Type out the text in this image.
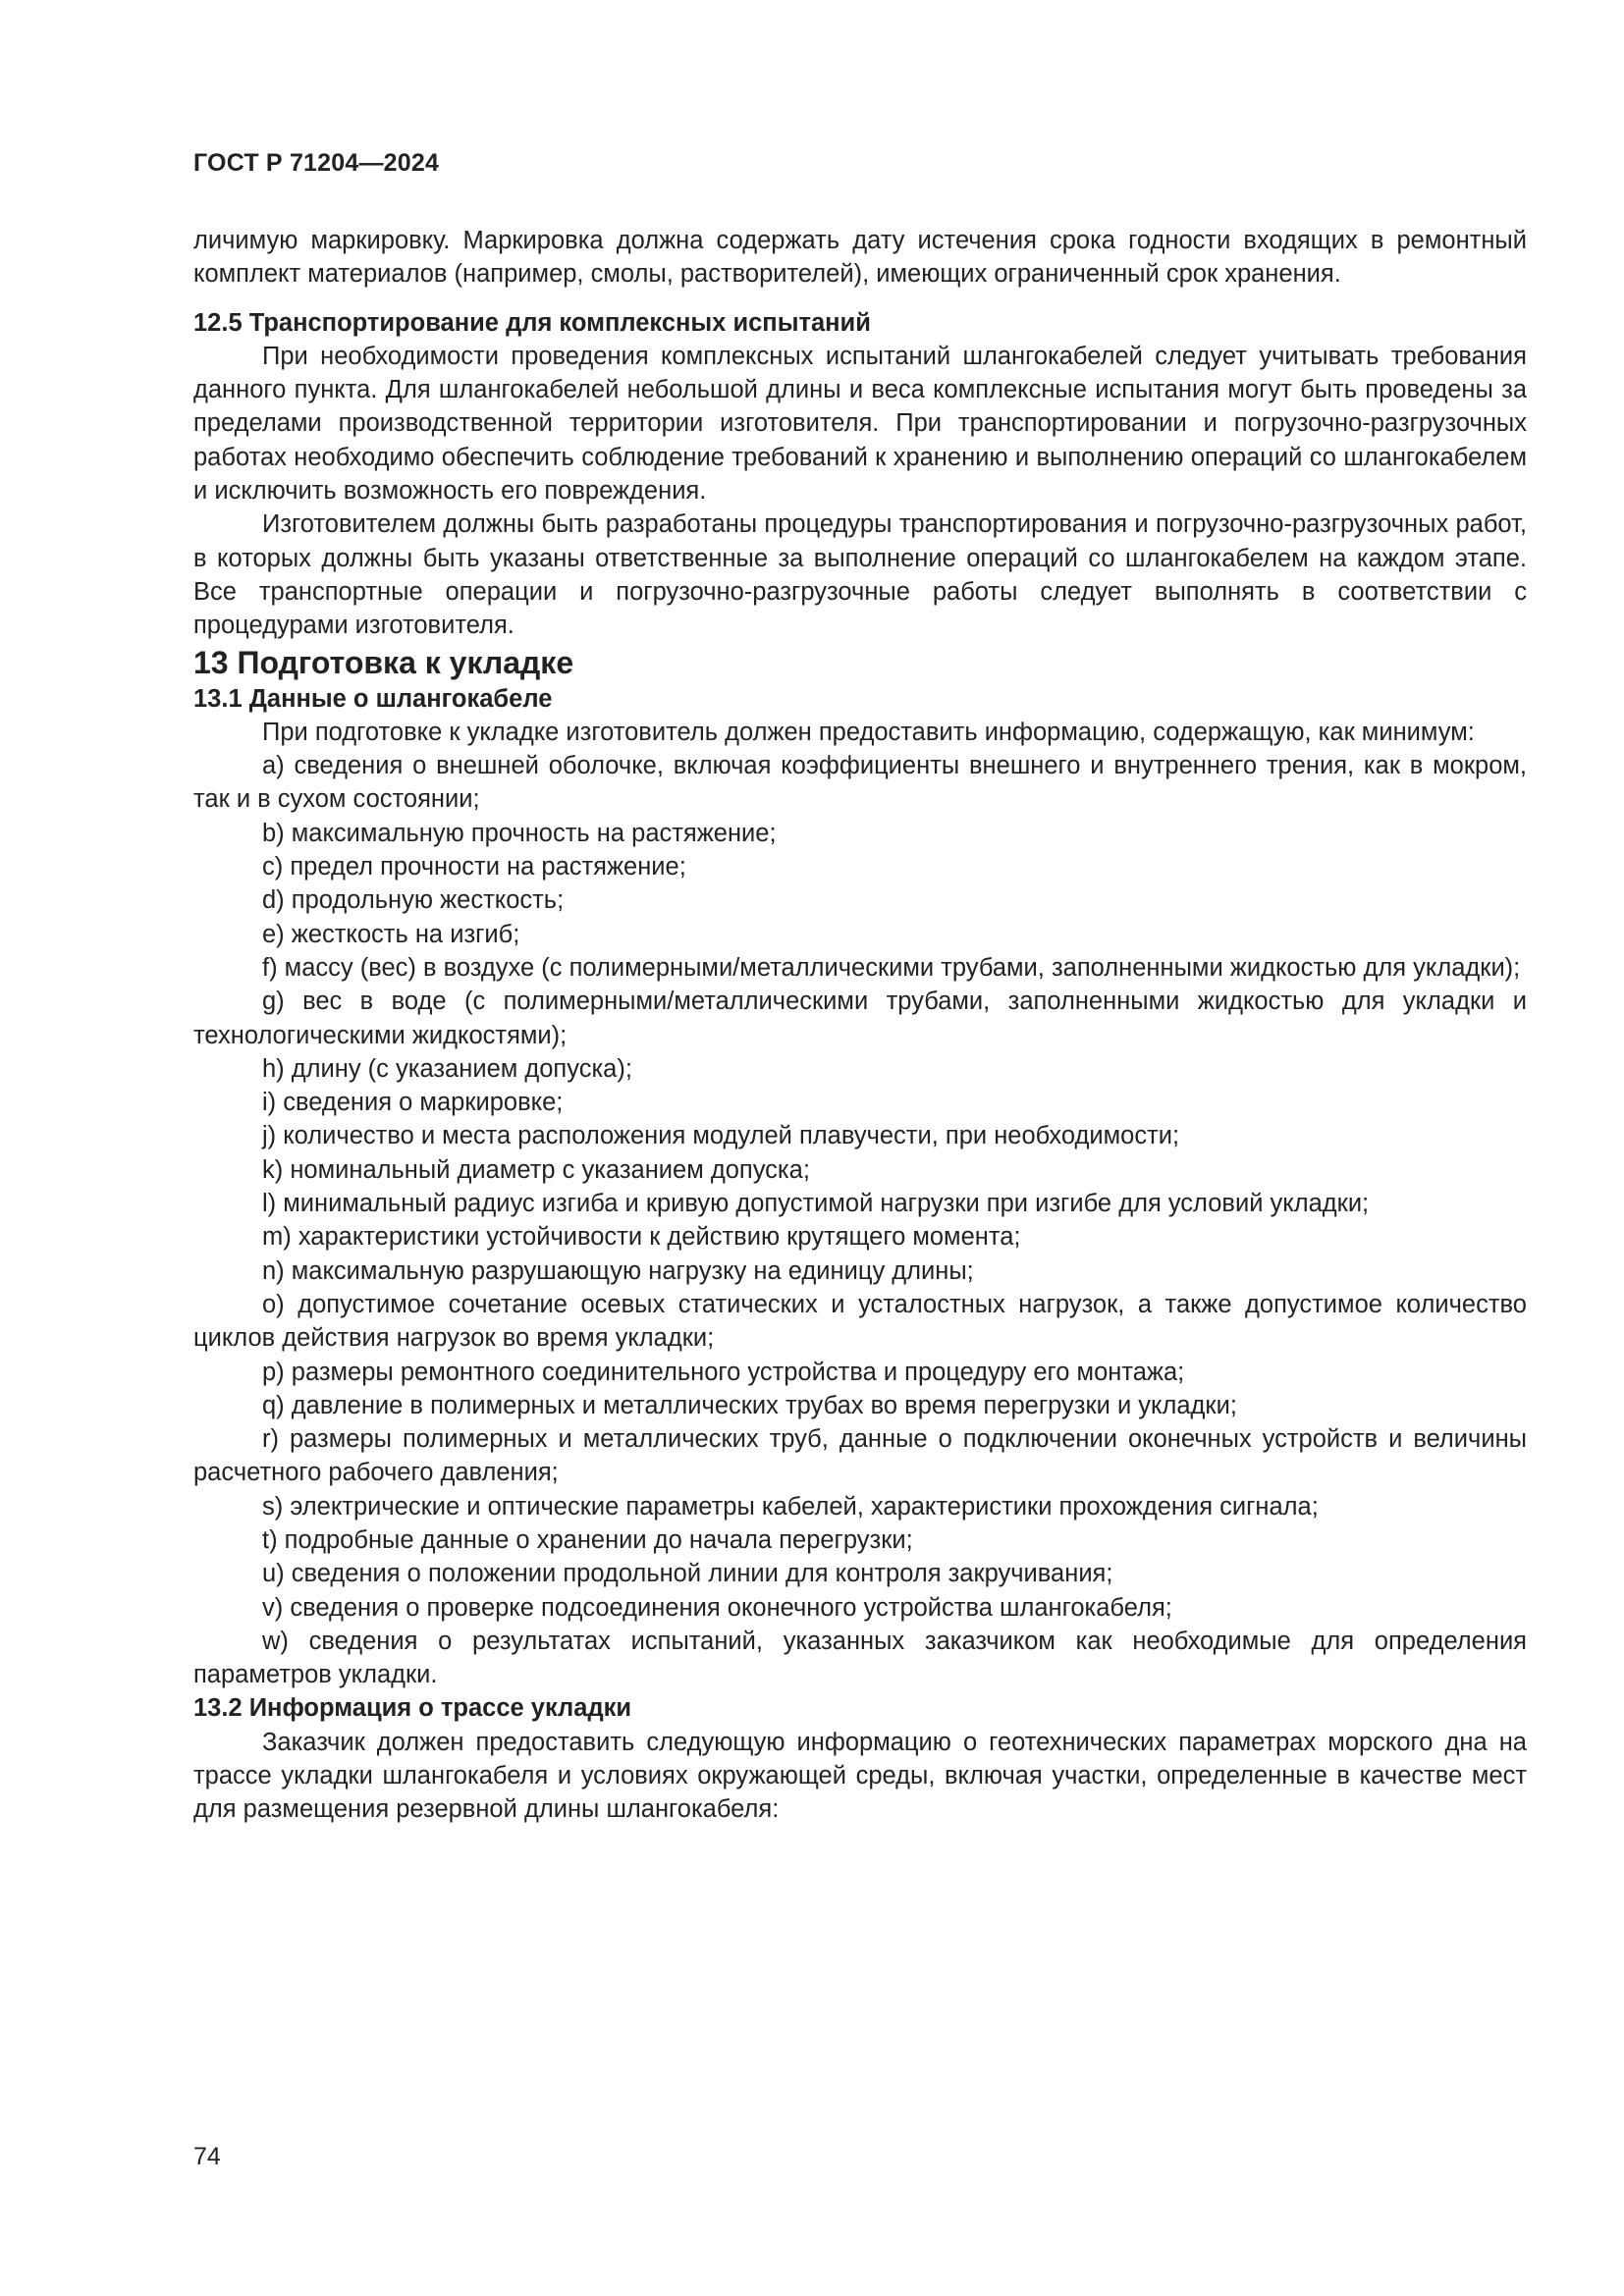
ГОСТ Р 71204—2024

личимую маркировку. Маркировка должна содержать дату истечения срока годности входящих в ремонтный комплект материалов (например, смолы, растворителей), имеющих ограниченный срок хранения.

12.5 Транспортирование для комплексных испытаний

При необходимости проведения комплексных испытаний шлангокабелей следует учитывать требования данного пункта. Для шлангокабелей небольшой длины и веса комплексные испытания могут быть проведены за пределами производственной территории изготовителя. При транспортировании и погрузочно-разгрузочных работах необходимо обеспечить соблюдение требований к хранению и выполнению операций со шлангокабелем и исключить возможность его повреждения.

Изготовителем должны быть разработаны процедуры транспортирования и погрузочно-разгрузочных работ, в которых должны быть указаны ответственные за выполнение операций со шлангокабелем на каждом этапе. Все транспортные операции и погрузочно-разгрузочные работы следует выполнять в соответствии с процедурами изготовителя.

13 Подготовка к укладке

13.1 Данные о шлангокабеле

При подготовке к укладке изготовитель должен предоставить информацию, содержащую, как минимум:

a) сведения о внешней оболочке, включая коэффициенты внешнего и внутреннего трения, как в мокром, так и в сухом состоянии;

b) максимальную прочность на растяжение;

c) предел прочности на растяжение;

d) продольную жесткость;

e) жесткость на изгиб;

f) массу (вес) в воздухе (с полимерными/металлическими трубами, заполненными жидкостью для укладки);

g) вес в воде (с полимерными/металлическими трубами, заполненными жидкостью для укладки и технологическими жидкостями);

h) длину (с указанием допуска);

i) сведения о маркировке;

j) количество и места расположения модулей плавучести, при необходимости;

k) номинальный диаметр с указанием допуска;

l) минимальный радиус изгиба и кривую допустимой нагрузки при изгибе для условий укладки;

m) характеристики устойчивости к действию крутящего момента;

n) максимальную разрушающую нагрузку на единицу длины;

o) допустимое сочетание осевых статических и усталостных нагрузок, а также допустимое количество циклов действия нагрузок во время укладки;

p) размеры ремонтного соединительного устройства и процедуру его монтажа;

q) давление в полимерных и металлических трубах во время перегрузки и укладки;

r) размеры полимерных и металлических труб, данные о подключении оконечных устройств и величины расчетного рабочего давления;

s) электрические и оптические параметры кабелей, характеристики прохождения сигнала;

t) подробные данные о хранении до начала перегрузки;

u) сведения о положении продольной линии для контроля закручивания;

v) сведения о проверке подсоединения оконечного устройства шлангокабеля;

w) сведения о результатах испытаний, указанных заказчиком как необходимые для определения параметров укладки.

13.2 Информация о трассе укладки

Заказчик должен предоставить следующую информацию о геотехнических параметрах морского дна на трассе укладки шлангокабеля и условиях окружающей среды, включая участки, определенные в качестве мест для размещения резервной длины шлангокабеля:

74
